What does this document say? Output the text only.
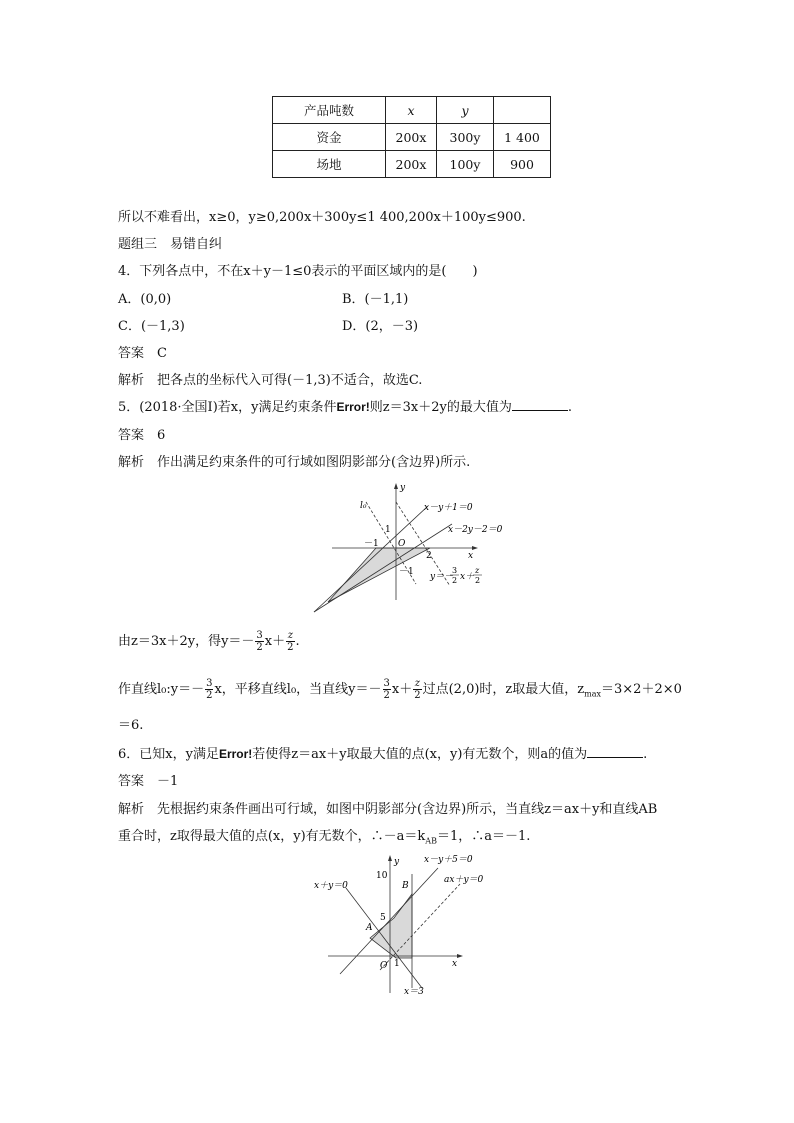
产品吨数	x	y	
资金	200x	300y	1 400
场地	200x	100y	900
所以不难看出，x≥0，y≥0,200x＋300y≤1 400,200x＋100y≤900.
题组三　易错自纠
4．下列各点中，不在x＋y－1≤0表示的平面区域内的是(　　)
A．(0,0)	B．(－1,1)
C．(－1,3)	D．(2，－3)
答案　C
解析　把各点的坐标代入可得(－1,3)不适合，故选C.
5．(2018·全国Ⅰ)若x，y满足约束条件Error!则z＝3x＋2y的最大值为	.
答案　6
解析　作出满足约束条件的可行域如图阴影部分(含边界)所示.
y
x
l₀
O
1
－1
－1
2
x－y＋1＝0
x－2y－2＝0
y＝－
3
2 x＋
z
2
由z＝3x＋2y，得$y=- \frac{3}{2} x+ \frac{z}{2}$ .
作直线l₀:y＝－ $\frac{3}{2}$ x，平移直线l₀，当直线$y=- \frac{3}{2} x+ \frac{z}{2}$ 过点(2,0)时，z取最大值，$z_{max}=3\times 2+2\times 0$
＝6.
6．已知x，y满足Error!若使得z＝ax＋y取最大值的点(x，y)有无数个，则a的值为	.
答案　－1
解析　先根据约束条件画出可行域，如图中阴影部分(含边界)所示，当直线z＝ax＋y和直线AB
重合时，z取得最大值的点(x，y)有无数个，$\therefore-a=k_{AB}=1$，∴a＝－1.
y
x
O
A
B
10
5
1
x－y＋5＝0
ax＋y＝0
x＋y＝0
x＝3
